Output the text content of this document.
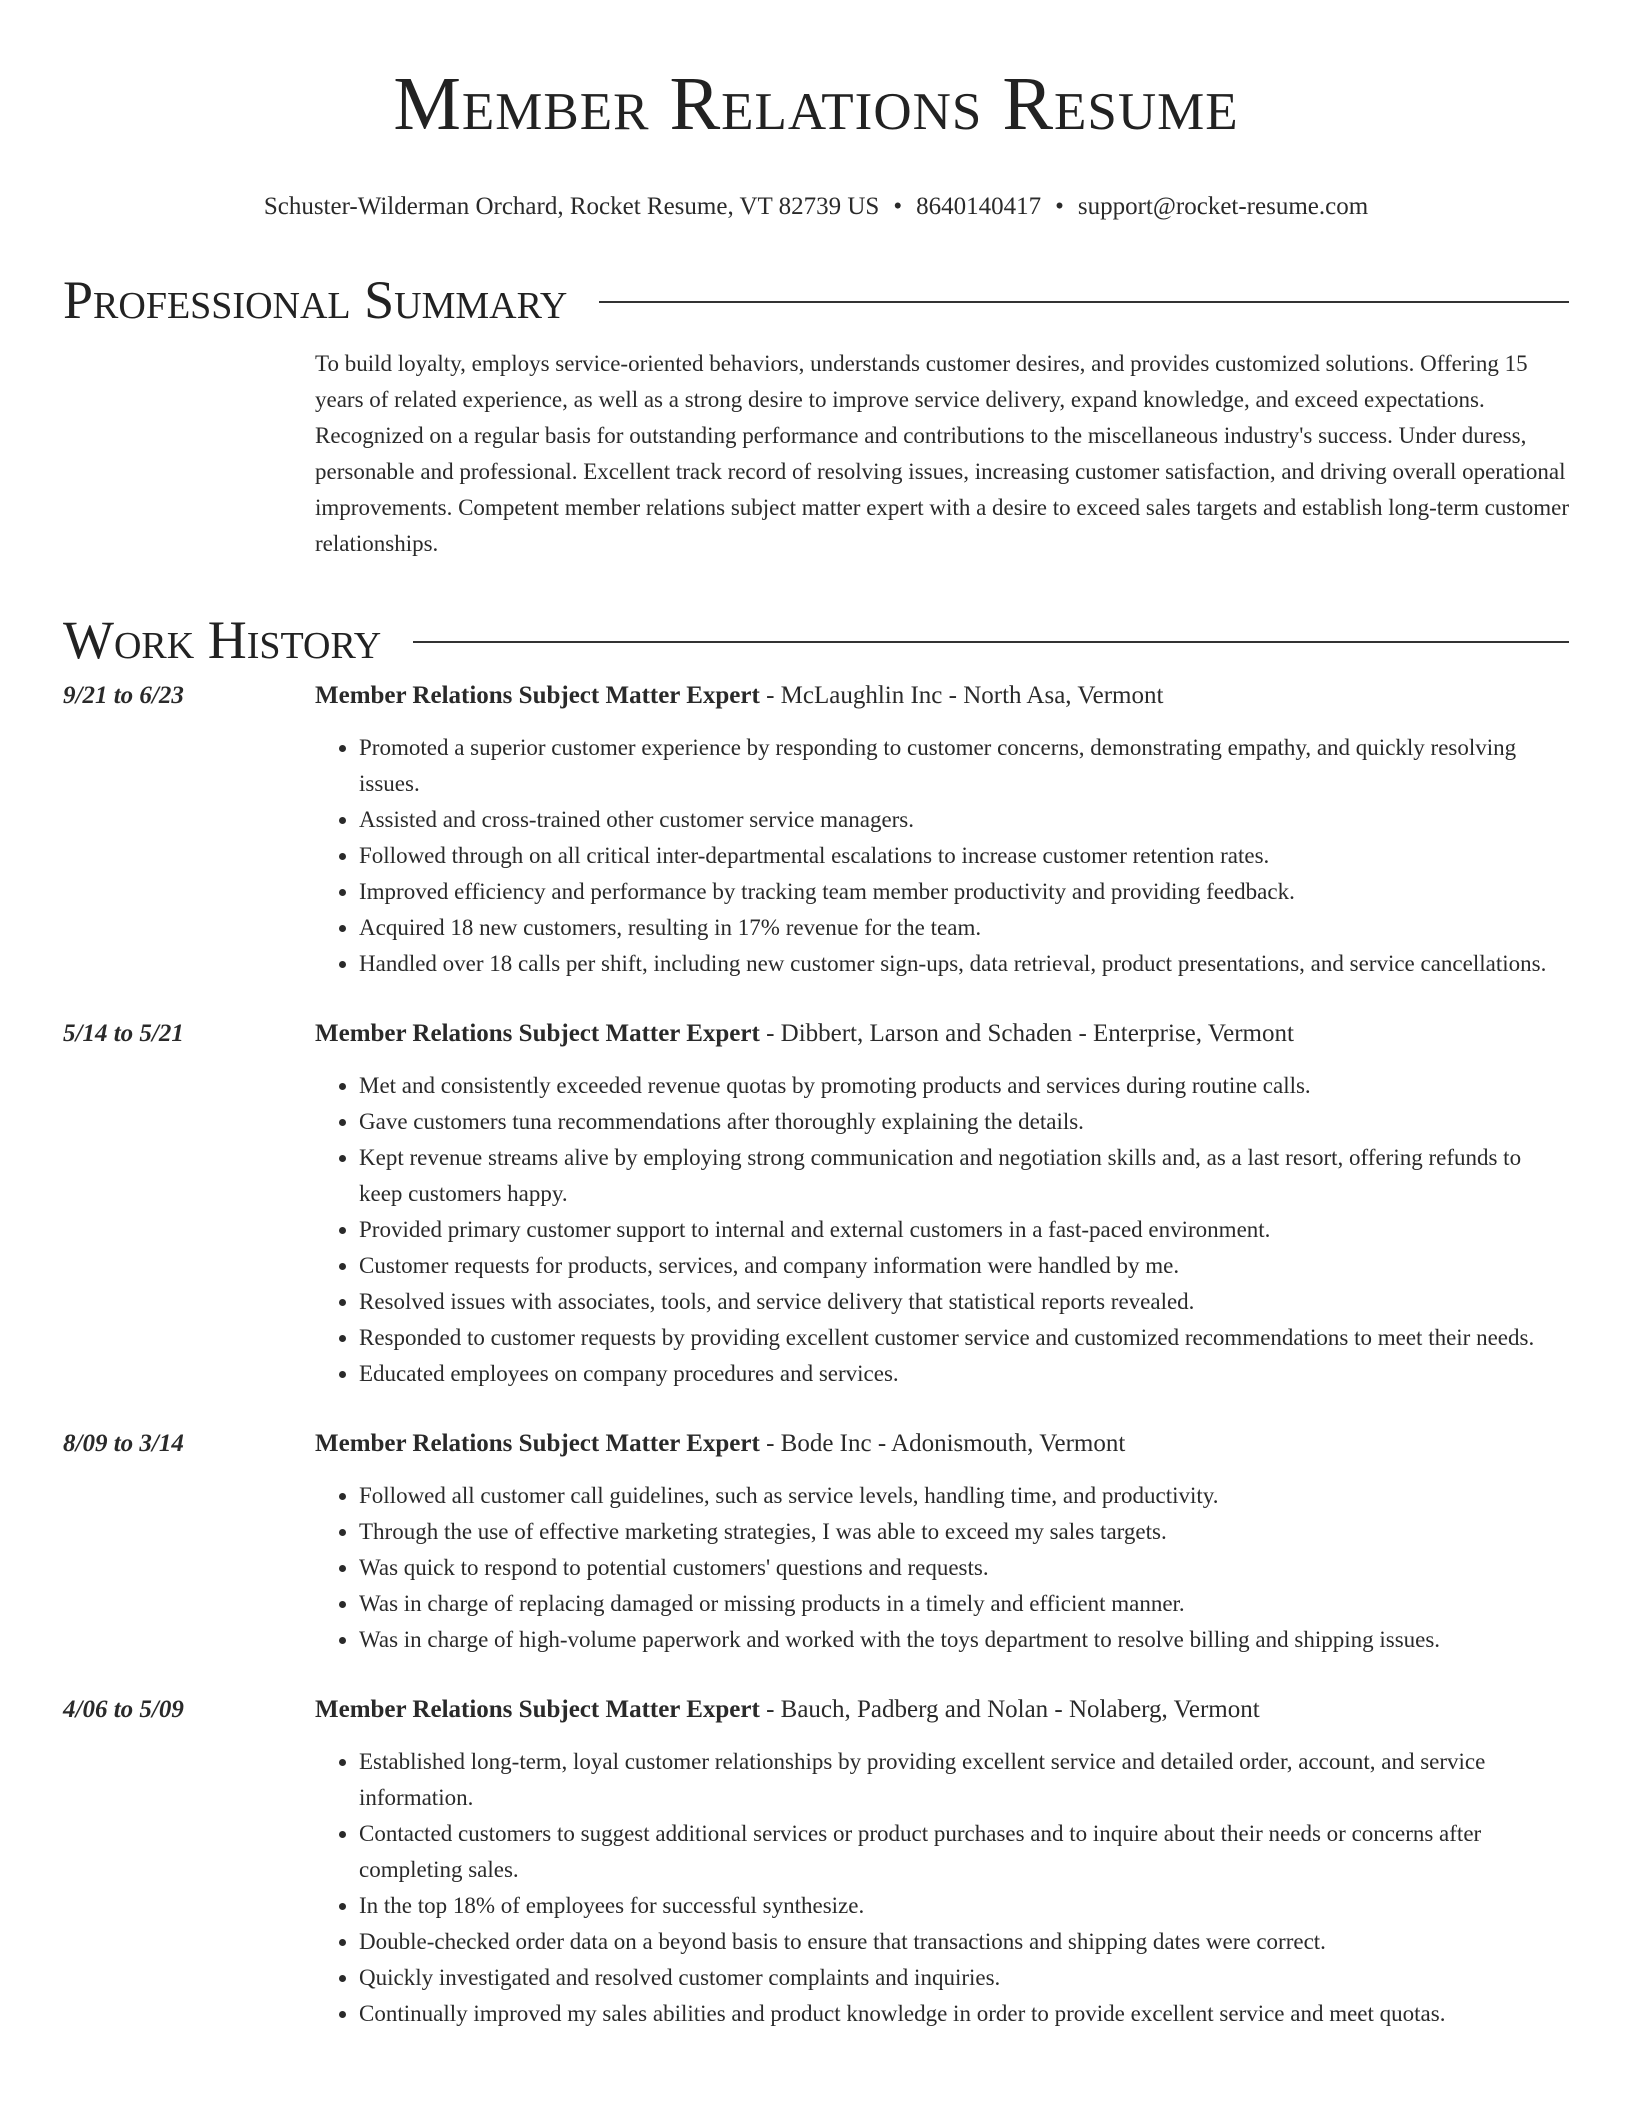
Member Relations Resume
Schuster-Wilderman Orchard, Rocket Resume, VT 82739 US • 8640140417 • support@rocket-resume.com
Professional Summary
To build loyalty, employs service-oriented behaviors, understands customer desires, and provides customized solutions. Offering 15 years of related experience, as well as a strong desire to improve service delivery, expand knowledge, and exceed expectations. Recognized on a regular basis for outstanding performance and contributions to the miscellaneous industry's success. Under duress, personable and professional. Excellent track record of resolving issues, increasing customer satisfaction, and driving overall operational improvements. Competent member relations subject matter expert with a desire to exceed sales targets and establish long-term customer relationships.
Work History
9/21 to 6/23	Member Relations Subject Matter Expert - McLaughlin Inc - North Asa, Vermont
• Promoted a superior customer experience by responding to customer concerns, demonstrating empathy, and quickly resolving issues.
• Assisted and cross-trained other customer service managers.
• Followed through on all critical inter-departmental escalations to increase customer retention rates.
• Improved efficiency and performance by tracking team member productivity and providing feedback.
• Acquired 18 new customers, resulting in 17% revenue for the team.
• Handled over 18 calls per shift, including new customer sign-ups, data retrieval, product presentations, and service cancellations.
5/14 to 5/21	Member Relations Subject Matter Expert - Dibbert, Larson and Schaden - Enterprise, Vermont
• Met and consistently exceeded revenue quotas by promoting products and services during routine calls.
• Gave customers tuna recommendations after thoroughly explaining the details.
• Kept revenue streams alive by employing strong communication and negotiation skills and, as a last resort, offering refunds to keep customers happy.
• Provided primary customer support to internal and external customers in a fast-paced environment.
• Customer requests for products, services, and company information were handled by me.
• Resolved issues with associates, tools, and service delivery that statistical reports revealed.
• Responded to customer requests by providing excellent customer service and customized recommendations to meet their needs.
• Educated employees on company procedures and services.
8/09 to 3/14	Member Relations Subject Matter Expert - Bode Inc - Adonismouth, Vermont
• Followed all customer call guidelines, such as service levels, handling time, and productivity.
• Through the use of effective marketing strategies, I was able to exceed my sales targets.
• Was quick to respond to potential customers' questions and requests.
• Was in charge of replacing damaged or missing products in a timely and efficient manner.
• Was in charge of high-volume paperwork and worked with the toys department to resolve billing and shipping issues.
4/06 to 5/09	Member Relations Subject Matter Expert - Bauch, Padberg and Nolan - Nolaberg, Vermont
• Established long-term, loyal customer relationships by providing excellent service and detailed order, account, and service information.
• Contacted customers to suggest additional services or product purchases and to inquire about their needs or concerns after completing sales.
• In the top 18% of employees for successful synthesize.
• Double-checked order data on a beyond basis to ensure that transactions and shipping dates were correct.
• Quickly investigated and resolved customer complaints and inquiries.
• Continually improved my sales abilities and product knowledge in order to provide excellent service and meet quotas.
